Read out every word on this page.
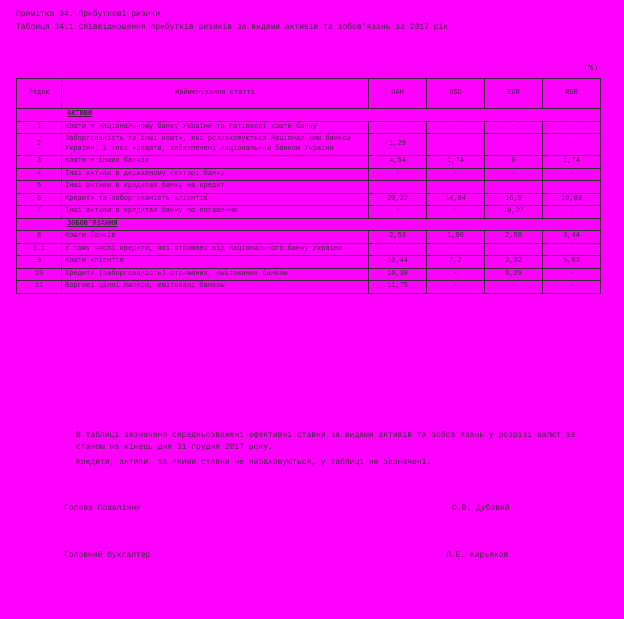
Примітка 34. Прибуткові ризики
Таблиця 34.1 Співвідношення прибутків ризиків за видами активів та зобов'язань за 2017 рік
(%)
Рядок	Найменування статті	UAH	USD	EUR	RUB
АКТИВИ					
1	Кошти в Національному банку України та готівкові кошти банку	-	-	-	-
2	Заборгованість та інші кошти, які розраховуються Національним банком України, і інші кредити, забезпечені Національним банком України	1,29	-	-	-
3	Кошти в інших банках	4,54	1,74	0	1,74
4	Інші активи в державному секторі банку	-	-	-	-
5	Інші активи в кредитах банку на кредит				
6	Кредити та заборгованість клієнтів	20,22	14,84	16,9	19,83
7	Інші активи в кредитах банку по погашенню	-	-	10,27	-
ЗОБОВ'ЯЗАННЯ					
8	Кошти банків	2,53	1,96	2,58	3,44
8.1	У тому числі кредити, які отримані від Національного банку України	-	-	-	-
9	Кошти клієнтів	10,44	7,2	3,32	5,63
10	Кредити (заборгованість) отриманих, емітованих банком	16,38	-	8,29	-
11	Боргові цінні папери, емітовані банком	11,75	-	-	-
В таблиці зазначено середньозважені ефективні ставки за видами активів та зобов'язань у розрізі валют за станом на кінець дня 31 грудня 2017 року.
Кредити, активи, за якими ставки не нараховуються, у таблиці не зазначені.
Голова Правління	О.В. Дубовий
Головний бухгалтер	Л.Е. Кирьяков
